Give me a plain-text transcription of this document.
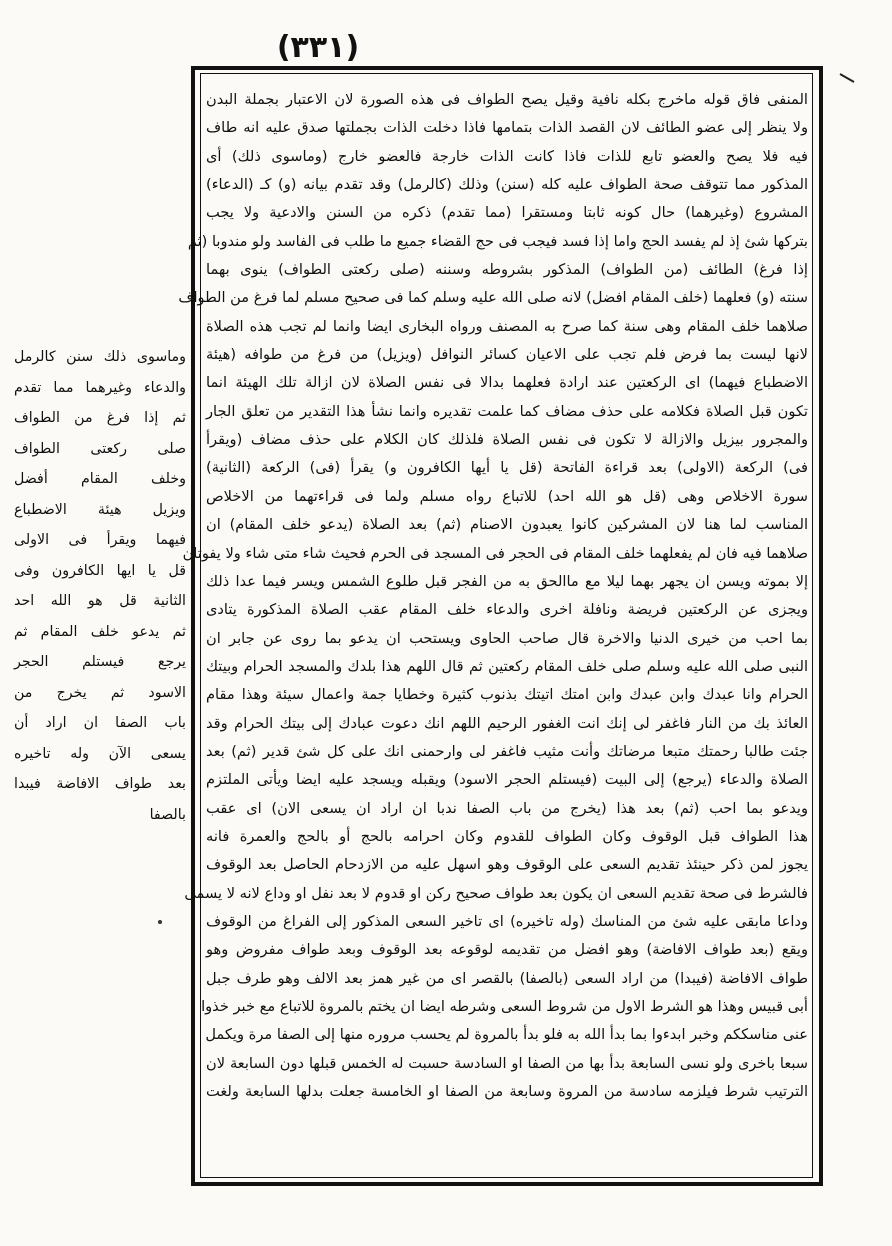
(٣٣١)
المنفى فاق قوله ماخرج بكله نافية وقيل يصح الطواف فى هذه الصورة لان الاعتبار بجملة البدن
ولا ينظر إلى عضو الطائف لان القصد الذات بتمامها فاذا دخلت الذات بجملتها صدق عليه انه طاف
فيه فلا يصح والعضو تابع للذات فاذا كانت الذات خارجة فالعضو خارج (وماسوى ذلك) أى
المذكور مما تتوقف صحة الطواف عليه كله (سنن) وذلك (كالرمل) وقد تقدم بيانه (و) كـ (الدعاء)
المشروع (وغيرهما) حال كونه ثابتا ومستقرا (مما تقدم) ذكره من السنن والادعية ولا يجب
بتركها شئ إذ لم يفسد الحج واما إذا فسد فيجب فى حج القضاء جميع ما طلب فى الفاسد ولو مندوبا (ثم
إذا فرغ) الطائف (من الطواف) المذكور بشروطه وسننه (صلى ركعتى الطواف) ينوى بهما
سنته (و) فعلهما (خلف المقام افضل) لانه صلى الله عليه وسلم كما فى صحيح مسلم لما فرغ من الطواف
صلاهما خلف المقام وهى سنة كما صرح به المصنف ورواه البخارى ايضا وانما لم تجب هذه الصلاة
لانها ليست بما فرض فلم تجب على الاعيان كسائر النوافل (ويزيل) من فرغ من طوافه (هيئة
الاضطباع فيهما) اى الركعتين عند ارادة فعلهما بدالا فى نفس الصلاة لان ازالة تلك الهيئة انما
تكون قبل الصلاة فكلامه على حذف مضاف كما علمت تقديره وانما نشأ هذا التقدير من تعلق الجار
والمجرور بيزيل والازالة لا تكون فى نفس الصلاة فلذلك كان الكلام على حذف مضاف (ويقرأ
فى) الركعة (الاولى) بعد قراءة الفاتحة (قل يا أيها الكافرون و) يقرأ (فى) الركعة (الثانية)
سورة الاخلاص وهى (قل هو الله احد) للاتباع رواه مسلم ولما فى قراءتهما من الاخلاص
المناسب لما هنا لان المشركين كانوا يعبدون الاصنام (ثم) بعد الصلاة (يدعو خلف المقام) ان
صلاهما فيه فان لم يفعلهما خلف المقام فى الحجر فى المسجد فى الحرم فحيث شاء متى شاء ولا يفوتان
إلا بموته ويسن ان يجهر بهما ليلا مع ماالحق به من الفجر قبل طلوع الشمس ويسر فيما عدا ذلك
ويجزى عن الركعتين فريضة ونافلة اخرى والدعاء خلف المقام عقب الصلاة المذكورة يتادى
بما احب من خيرى الدنيا والاخرة قال صاحب الحاوى ويستحب ان يدعو بما روى عن جابر ان
النبى صلى الله عليه وسلم صلى خلف المقام ركعتين ثم قال اللهم هذا بلدك والمسجد الحرام وبيتك
الحرام وانا عبدك وابن عبدك وابن امتك اتيتك بذنوب كثيرة وخطايا جمة واعمال سيئة وهذا مقام
العائذ بك من النار فاغفر لى إنك انت الغفور الرحيم اللهم انك دعوت عبادك إلى بيتك الحرام وقد
جئت طالبا رحمتك متبعا مرضاتك وأنت مثيب فاغفر لى وارحمنى انك على كل شئ قدير (ثم) بعد
الصلاة والدعاء (يرجع) إلى البيت (فيستلم الحجر الاسود) ويقبله ويسجد عليه ايضا ويأتى الملتزم
ويدعو بما احب (ثم) بعد هذا (يخرج من باب الصفا ندبا ان اراد ان يسعى الان) اى عقب
هذا الطواف قبل الوقوف وكان الطواف للقدوم وكان احرامه بالحج أو بالحج والعمرة فانه
يجوز لمن ذكر حينئذ تقديم السعى على الوقوف وهو اسهل عليه من الازدحام الحاصل بعد الوقوف
فالشرط فى صحة تقديم السعى ان يكون بعد طواف صحيح ركن او قدوم لا بعد نفل او وداع لانه لا يسمى
وداعا مابقى عليه شئ من المناسك (وله تاخيره) اى تاخير السعى المذكور إلى الفراغ من الوقوف
ويقع (بعد طواف الافاضة) وهو افضل من تقديمه لوقوعه بعد الوقوف وبعد طواف مفروض وهو
طواف الافاضة (فيبدا) من اراد السعى (بالصفا) بالقصر اى من غير همز بعد الالف وهو طرف جبل
أبى قبيس وهذا هو الشرط الاول من شروط السعى وشرطه ايضا ان يختم بالمروة للاتباع مع خبر خذوا
عنى مناسككم وخبر ابدءوا بما بدأ الله به فلو بدأ بالمروة لم يحسب مروره منها إلى الصفا مرة ويكمل
سبعا باخرى ولو نسى السابعة بدأ بها من الصفا او السادسة حسبت له الخمس قبلها دون السابعة لان
الترتيب شرط فيلزمه سادسة من المروة وسابعة من الصفا او الخامسة جعلت بدلها السابعة ولغت
وماسوى ذلك سنن كالرمل
والدعاء وغيرهما مما تقدم
ثم إذا فرغ من الطواف
صلى ركعتى الطواف
وخلف المقام أفضل
ويزيل هيئة الاضطباع
فيهما ويقرأ فى الاولى
قل يا ايها الكافرون وفى
الثانية قل هو الله احد
ثم يدعو خلف المقام ثم
يرجع فيستلم الحجر
الاسود ثم يخرج من
باب الصفا ان اراد أن
يسعى الآن وله تاخيره
بعد طواف الافاضة فيبدا
بالصفا
